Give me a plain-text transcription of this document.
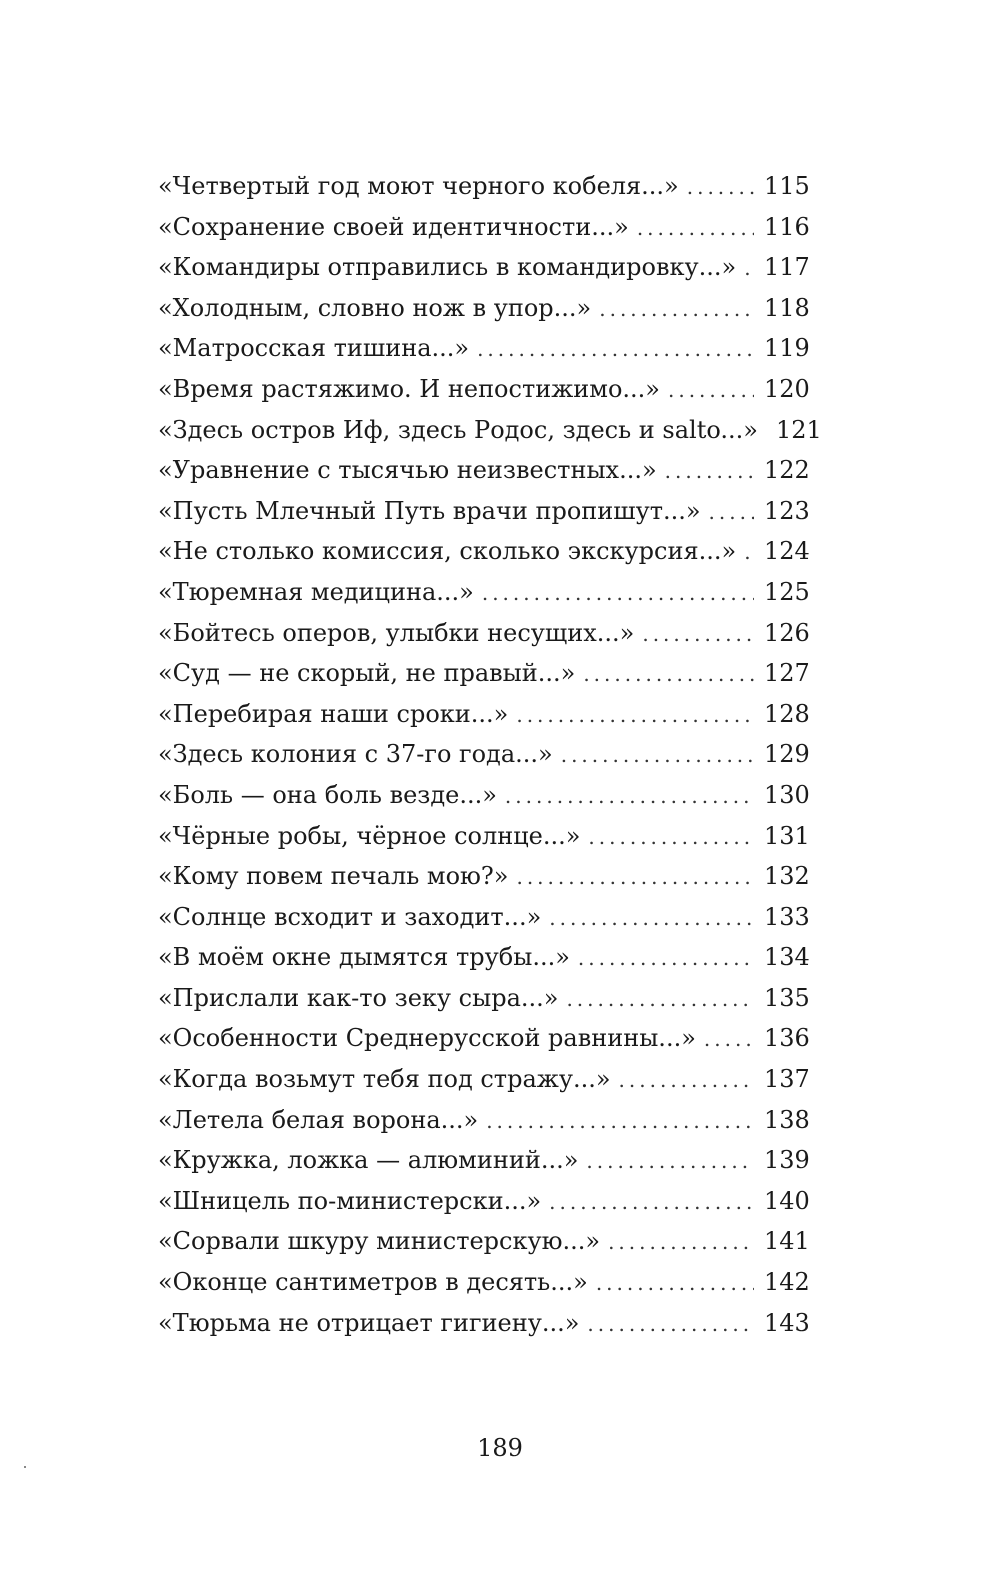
«Четвертый год моют черного кобеля...» .....	115
«Сохранение своей идентичности...» .....	116
«Командиры отправились в командировку...» ..... 117
«Холодным, словно нож в упор...» .....	118
«Матросская тишина...» .....	119
«Время растяжимо. И непостижимо...» .....	120
«Здесь остров Иф, здесь Родос, здесь и salto...» 121
«Уравнение с тысячью неизвестных...» .....	122
«Пусть Млечный Путь врачи пропишут...» .....	123
«Не столько комиссия, сколько экскурсия...» ..... 124
«Тюремная медицина...» .....	125
«Бойтесь оперов, улыбки несущих...» .....	126
«Суд — не скорый, не правый...» .....	127
«Перебирая наши сроки...» .....	128
«Здесь колония с 37-го года...» .....	129
«Боль — она боль везде...» .....	130
«Чёрные робы, чёрное солнце...» .....	131
«Кому повем печаль мою?» .....	132
«Солнце всходит и заходит...» .....	133
«В моём окне дымятся трубы...» .....	134
«Прислали как-то зеку сыра...» .....	135
«Особенности Среднерусской равнины...» .....	136
«Когда возьмут тебя под стражу...» .....	137
«Летела белая ворона...» .....	138
«Кружка, ложка — алюминий...» .....	139
«Шницель по-министерски...» .....	140
«Сорвали шкуру министерскую...» .....	141
«Оконце сантиметров в десять...» .....	142
«Тюрьма не отрицает гигиену...» .....	143
189
